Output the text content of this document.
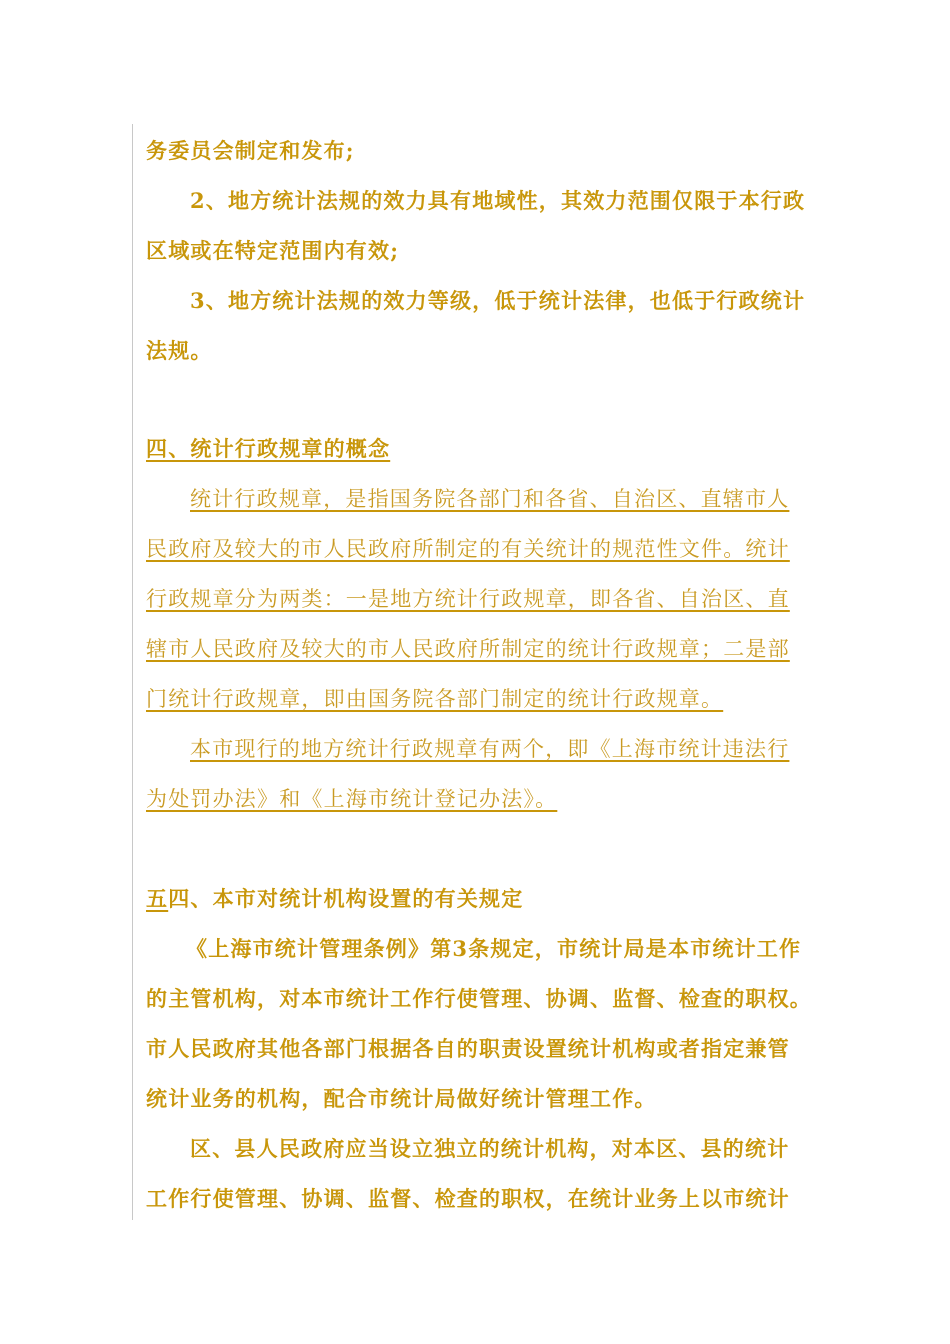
务委员会制定和发布;
2、地方统计法规的效力具有地域性，其效力范围仅限于本行政
区域或在特定范围内有效;
3、地方统计法规的效力等级，低于统计法律，也低于行政统计
法规。
四、统计行政规章的概念
统计行政规章，是指国务院各部门和各省、自治区、直辖市人
民政府及较大的市人民政府所制定的有关统计的规范性文件。统计
行政规章分为两类：一是地方统计行政规章，即各省、自治区、直
辖市人民政府及较大的市人民政府所制定的统计行政规章；二是部
门统计行政规章，即由国务院各部门制定的统计行政规章。
本市现行的地方统计行政规章有两个，即《上海市统计违法行
为处罚办法》和《上海市统计登记办法》。
五四、本市对统计机构设置的有关规定
《上海市统计管理条例》第3条规定，市统计局是本市统计工作
的主管机构，对本市统计工作行使管理、协调、监督、检查的职权。
市人民政府其他各部门根据各自的职责设置统计机构或者指定兼管
统计业务的机构，配合市统计局做好统计管理工作。
区、县人民政府应当设立独立的统计机构，对本区、县的统计
工作行使管理、协调、监督、检查的职权，在统计业务上以市统计
